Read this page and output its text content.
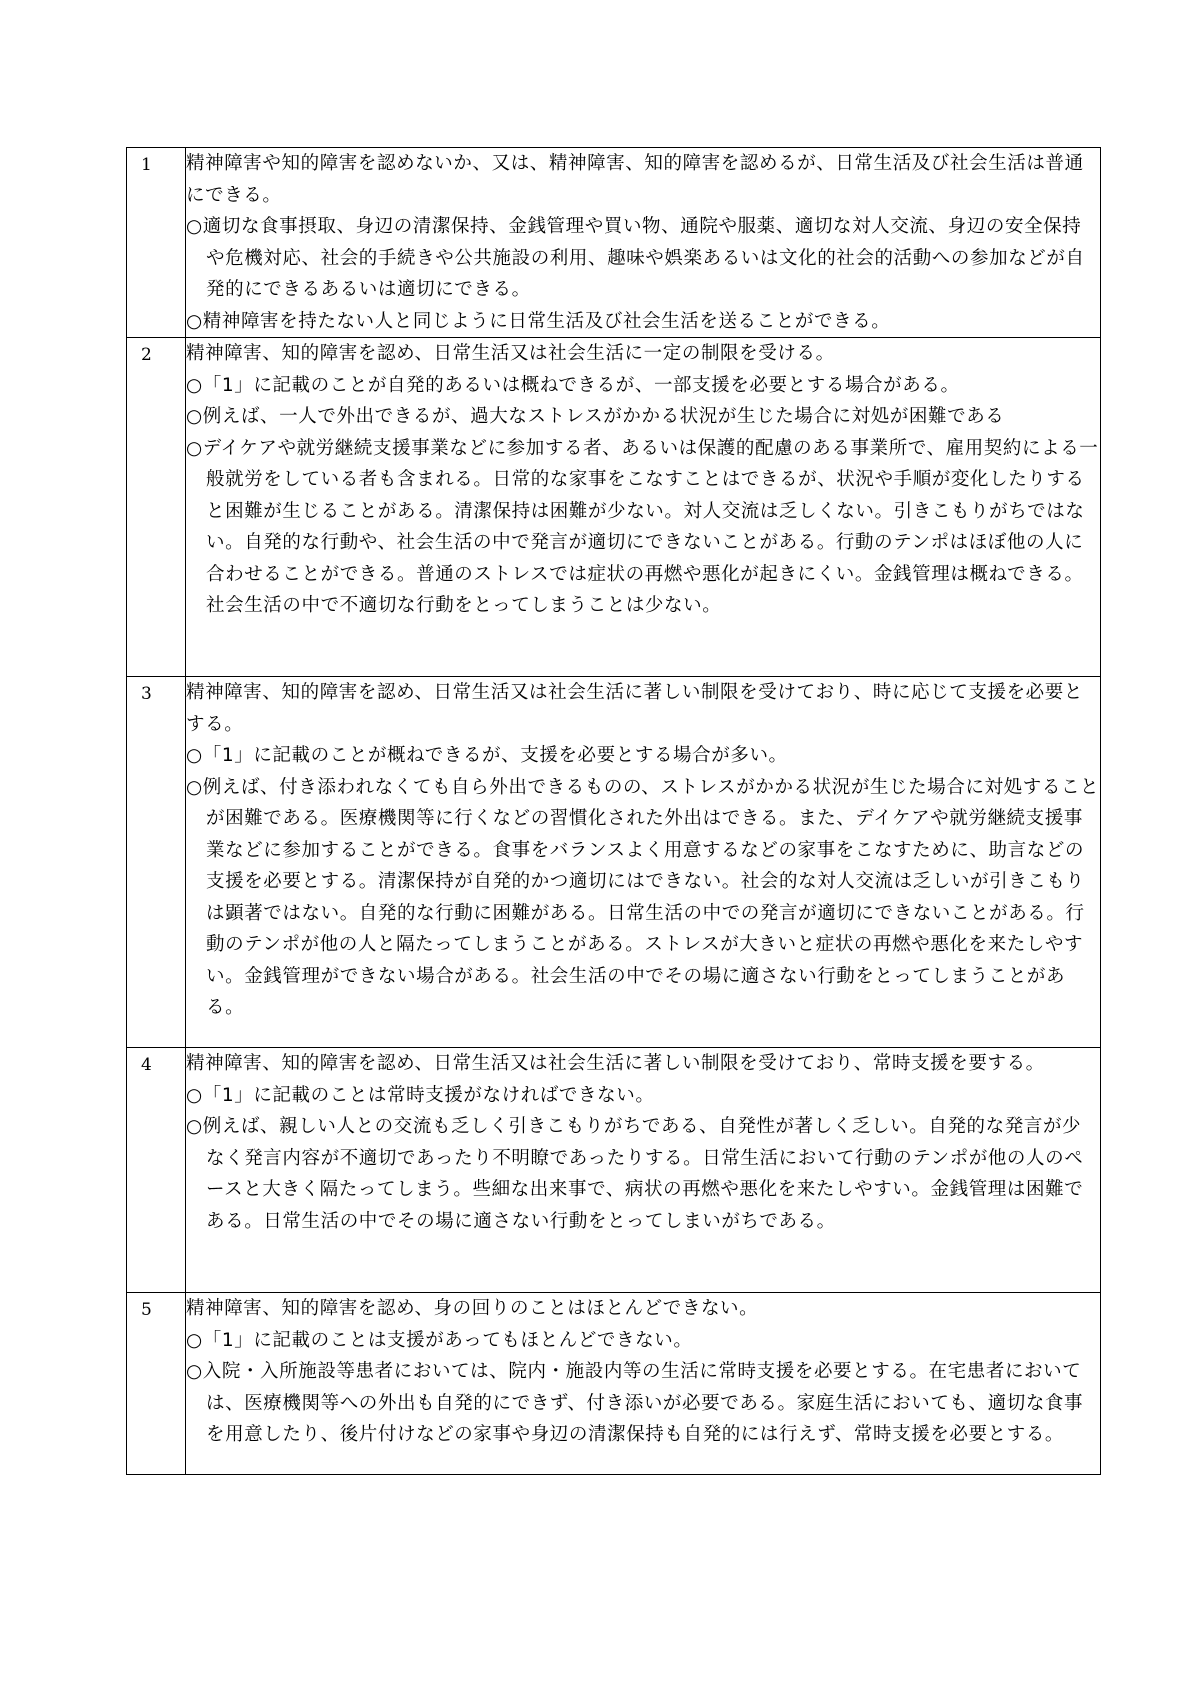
1	精神障害や知的障害を認めないか、又は、精神障害、知的障害を認めるが、日常生活及び社会生活は普通にできる。

○適切な食事摂取、身辺の清潔保持、金銭管理や買い物、通院や服薬、適切な対人交流、身辺の安全保持や危機対応、社会的手続きや公共施設の利用、趣味や娯楽あるいは文化的社会的活動への参加などが自発的にできるあるいは適切にできる。

○精神障害を持たない人と同じように日常生活及び社会生活を送ることができる。

2	精神障害、知的障害を認め、日常生活又は社会生活に一定の制限を受ける。

○「1」に記載のことが自発的あるいは概ねできるが、一部支援を必要とする場合がある。

○例えば、一人で外出できるが、過大なストレスがかかる状況が生じた場合に対処が困難である

○デイケアや就労継続支援事業などに参加する者、あるいは保護的配慮のある事業所で、雇用契約による一般就労をしている者も含まれる。日常的な家事をこなすことはできるが、状況や手順が変化したりすると困難が生じることがある。清潔保持は困難が少ない。対人交流は乏しくない。引きこもりがちではない。自発的な行動や、社会生活の中で発言が適切にできないことがある。行動のテンポはほぼ他の人に合わせることができる。普通のストレスでは症状の再燃や悪化が起きにくい。金銭管理は概ねできる。社会生活の中で不適切な行動をとってしまうことは少ない。

3	精神障害、知的障害を認め、日常生活又は社会生活に著しい制限を受けており、時に応じて支援を必要とする。

○「1」に記載のことが概ねできるが、支援を必要とする場合が多い。

○例えば、付き添われなくても自ら外出できるものの、ストレスがかかる状況が生じた場合に対処することが困難である。医療機関等に行くなどの習慣化された外出はできる。また、デイケアや就労継続支援事業などに参加することができる。食事をバランスよく用意するなどの家事をこなすために、助言などの支援を必要とする。清潔保持が自発的かつ適切にはできない。社会的な対人交流は乏しいが引きこもりは顕著ではない。自発的な行動に困難がある。日常生活の中での発言が適切にできないことがある。行動のテンポが他の人と隔たってしまうことがある。ストレスが大きいと症状の再燃や悪化を来たしやすい。金銭管理ができない場合がある。社会生活の中でその場に適さない行動をとってしまうことがある。

4	精神障害、知的障害を認め、日常生活又は社会生活に著しい制限を受けており、常時支援を要する。

○「1」に記載のことは常時支援がなければできない。

○例えば、親しい人との交流も乏しく引きこもりがちである、自発性が著しく乏しい。自発的な発言が少なく発言内容が不適切であったり不明瞭であったりする。日常生活において行動のテンポが他の人のペースと大きく隔たってしまう。些細な出来事で、病状の再燃や悪化を来たしやすい。金銭管理は困難である。日常生活の中でその場に適さない行動をとってしまいがちである。

5	精神障害、知的障害を認め、身の回りのことはほとんどできない。

○「1」に記載のことは支援があってもほとんどできない。

○入院・入所施設等患者においては、院内・施設内等の生活に常時支援を必要とする。在宅患者においては、医療機関等への外出も自発的にできず、付き添いが必要である。家庭生活においても、適切な食事を用意したり、後片付けなどの家事や身辺の清潔保持も自発的には行えず、常時支援を必要とする。
